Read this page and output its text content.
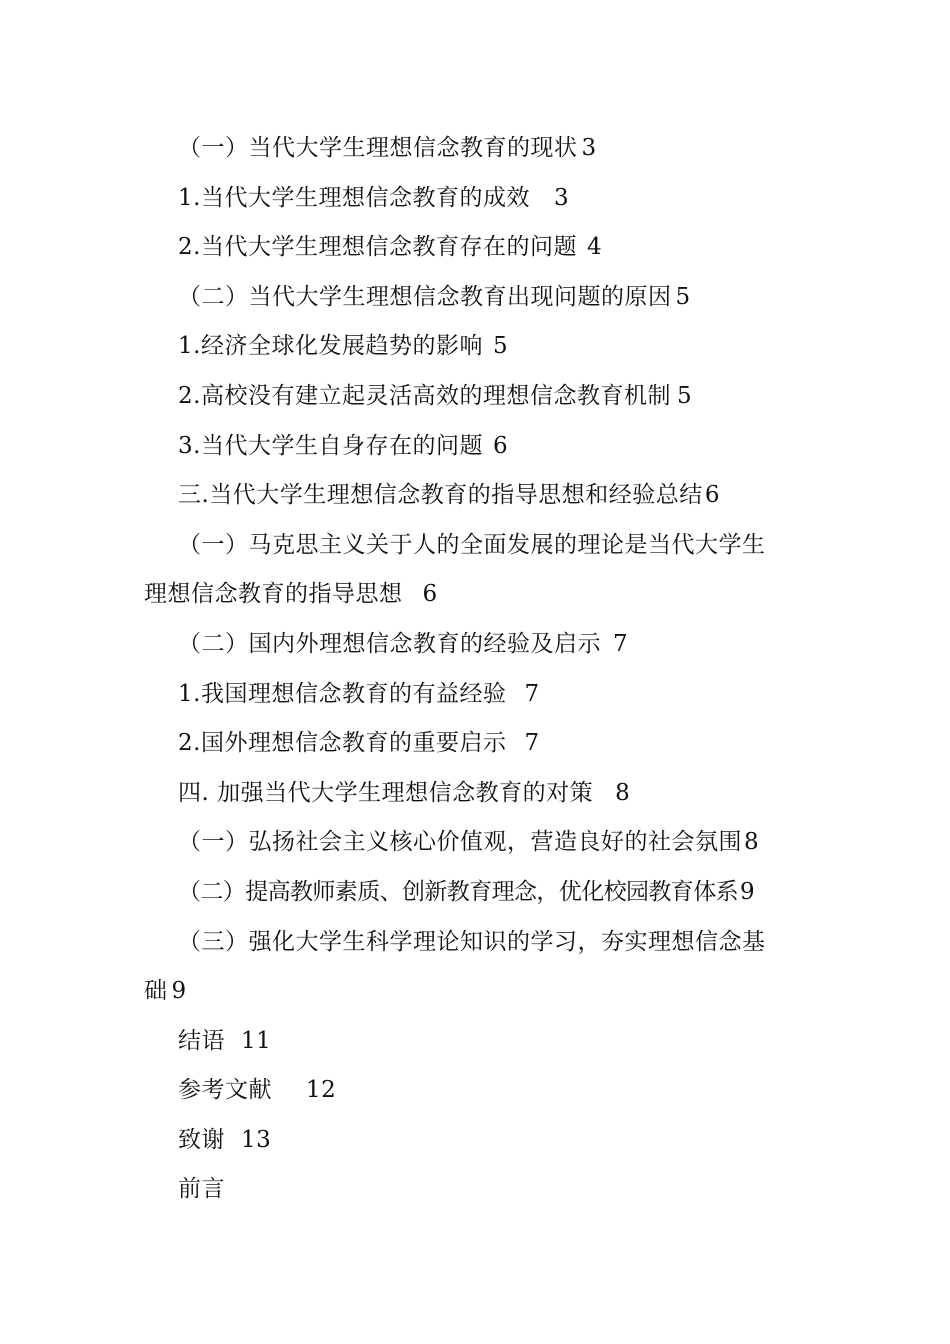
（一）当代大学生理想信念教育的现状 3
1.当代大学生理想信念教育的成效 3
2.当代大学生理想信念教育存在的问题 4
（二）当代大学生理想信念教育出现问题的原因 5
1.经济全球化发展趋势的影响 5
2.高校没有建立起灵活高效的理想信念教育机制 5
3.当代大学生自身存在的问题 6
三.当代大学生理想信念教育的指导思想和经验总结6
（一）马克思主义关于人的全面发展的理论是当代大学生
理想信念教育的指导思想 6
（二）国内外理想信念教育的经验及启示 7
1.我国理想信念教育的有益经验 7
2.国外理想信念教育的重要启示 7
四. 加强当代大学生理想信念教育的对策 8
（一）弘扬社会主义核心价值观，营造良好的社会氛围8
（二）提高教师素质、创新教育理念，优化校园教育体系9
（三）强化大学生科学理论知识的学习，夯实理想信念基
础 9
结语 11
参考文献 12
致谢 13
前言
